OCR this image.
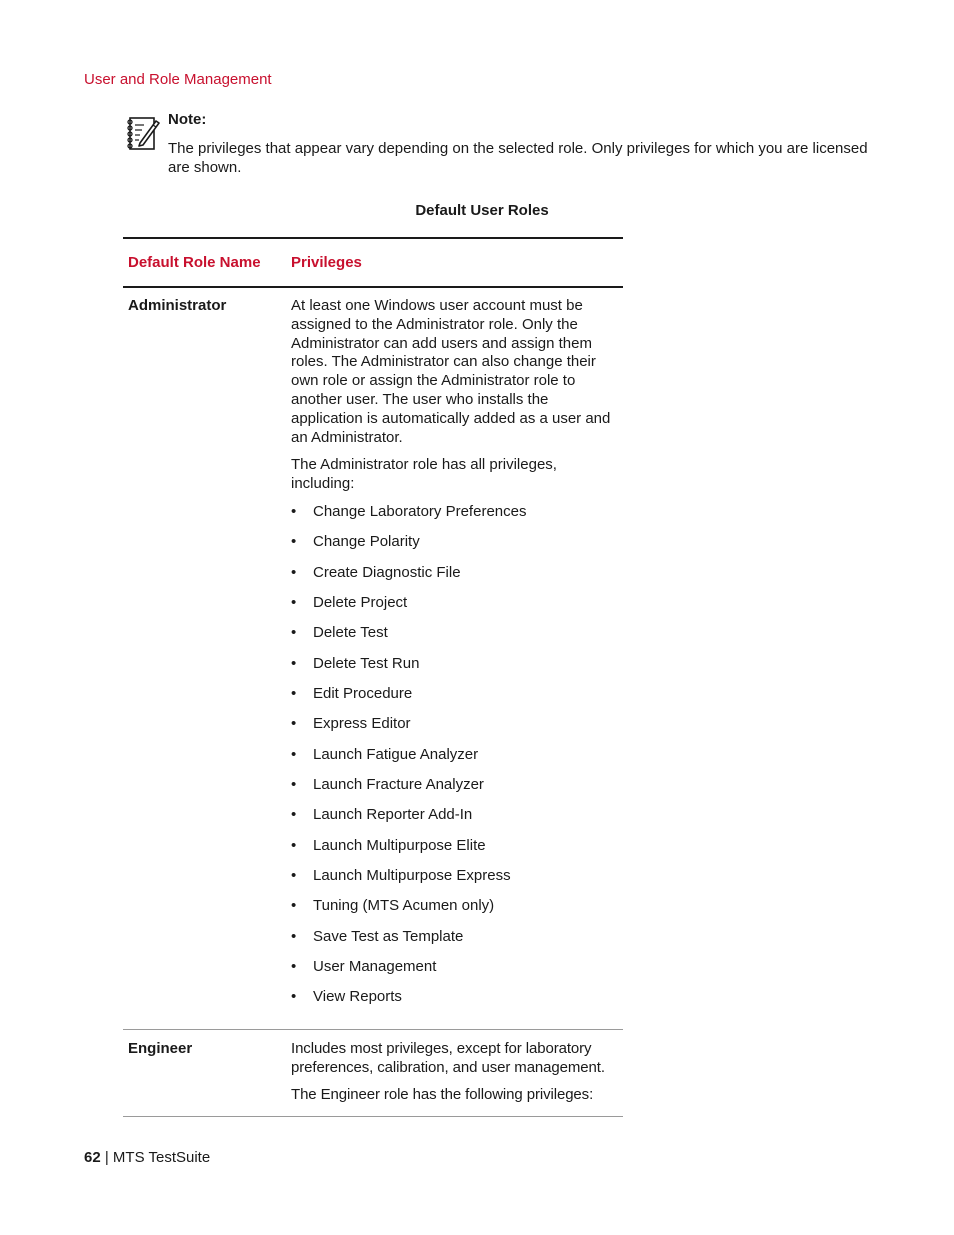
User and Role Management
Note:

The privileges that appear vary depending on the selected role. Only privileges for which you are licensed are shown.

Default User Roles
Default Role Name	Privileges
Administrator	At least one Windows user account must be assigned to the Administrator role. Only the Administrator can add users and assign them roles. The Administrator can also change their own role or assign the Administrator role to another user. The user who installs the application is automatically added as a user and an Administrator.

The Administrator role has all privileges, including:

•	Change Laboratory Preferences
•	Change Polarity
•	Create Diagnostic File
•	Delete Project
•	Delete Test
•	Delete Test Run
•	Edit Procedure
•	Express Editor
•	Launch Fatigue Analyzer
•	Launch Fracture Analyzer
•	Launch Reporter Add-In
•	Launch Multipurpose Elite
•	Launch Multipurpose Express
•	Tuning (MTS Acumen only)
•	Save Test as Template
•	User Management
•	View Reports
Engineer	Includes most privileges, except for laboratory preferences, calibration, and user management.

The Engineer role has the following privileges:

62 | MTS TestSuite
